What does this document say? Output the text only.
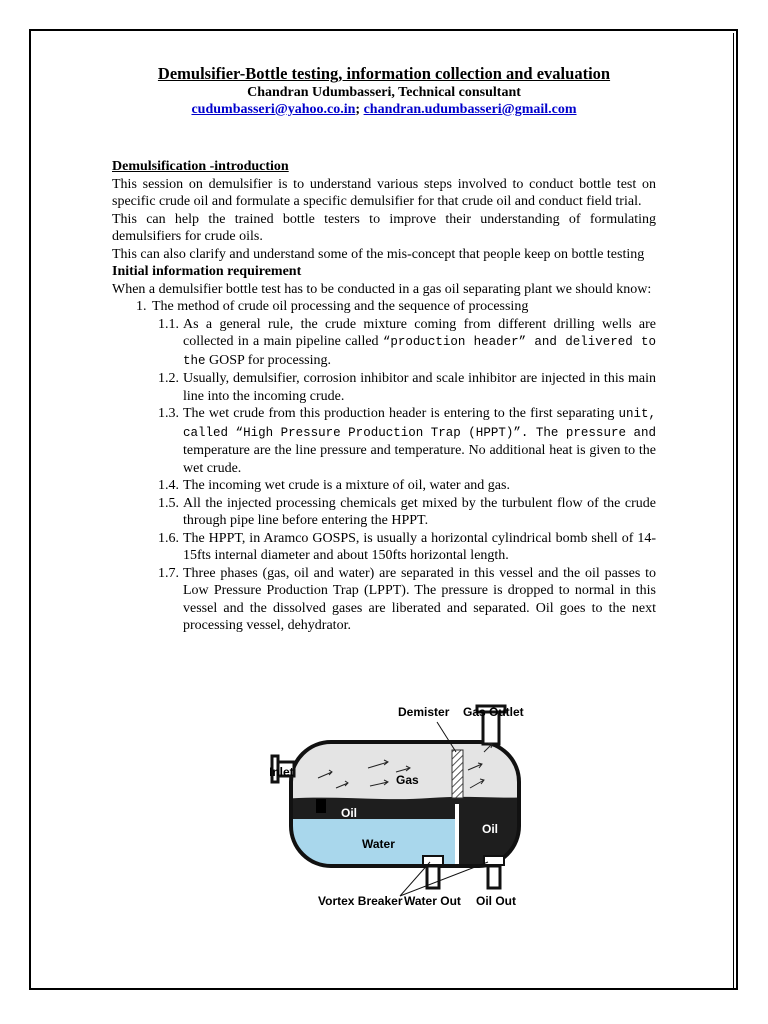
Demulsifier-Bottle testing, information collection and evaluation
Chandran Udumbasseri, Technical consultant
cudumbasseri@yahoo.co.in; chandran.udumbasseri@gmail.com
Demulsification -introduction

This session on demulsifier is to understand various steps involved to conduct bottle test on specific crude oil and formulate a specific demulsifier for that crude oil and conduct field trial.

This can help the trained bottle testers to improve their understanding of formulating demulsifiers for crude oils.

This can also clarify and understand some of the mis-concept that people keep on bottle testing

Initial information requirement

When a demulsifier bottle test has to be conducted in a gas oil separating plant we should know:

1. The method of crude oil processing and the sequence of processing
1.1. As a general rule, the crude mixture coming from different drilling wells are collected in a main pipeline called “production header” and delivered to the GOSP for processing.
1.2. Usually, demulsifier, corrosion inhibitor and scale inhibitor are injected in this main line into the incoming crude.
1.3. The wet crude from this production header is entering to the first separating unit, called “High Pressure Production Trap (HPPT)”. The pressure and temperature are the line pressure and temperature. No additional heat is given to the wet crude.
1.4. The incoming wet crude is a mixture of oil, water and gas.
1.5. All the injected processing chemicals get mixed by the turbulent flow of the crude through pipe line before entering the HPPT.
1.6. The HPPT, in Aramco GOSPS, is usually a horizontal cylindrical bomb shell of 14-15fts internal diameter and about 150fts horizontal length.
1.7. Three phases (gas, oil and water) are separated in this vessel and the oil passes to Low Pressure Production Trap (LPPT). The pressure is dropped to normal in this vessel and the dissolved gases are liberated and separated. Oil goes to the next processing vessel, dehydrator.
Demister Gas Outlet
Inlet
Gas
Oil
Oil
Water
Vortex Breaker Water Out Oil Out
